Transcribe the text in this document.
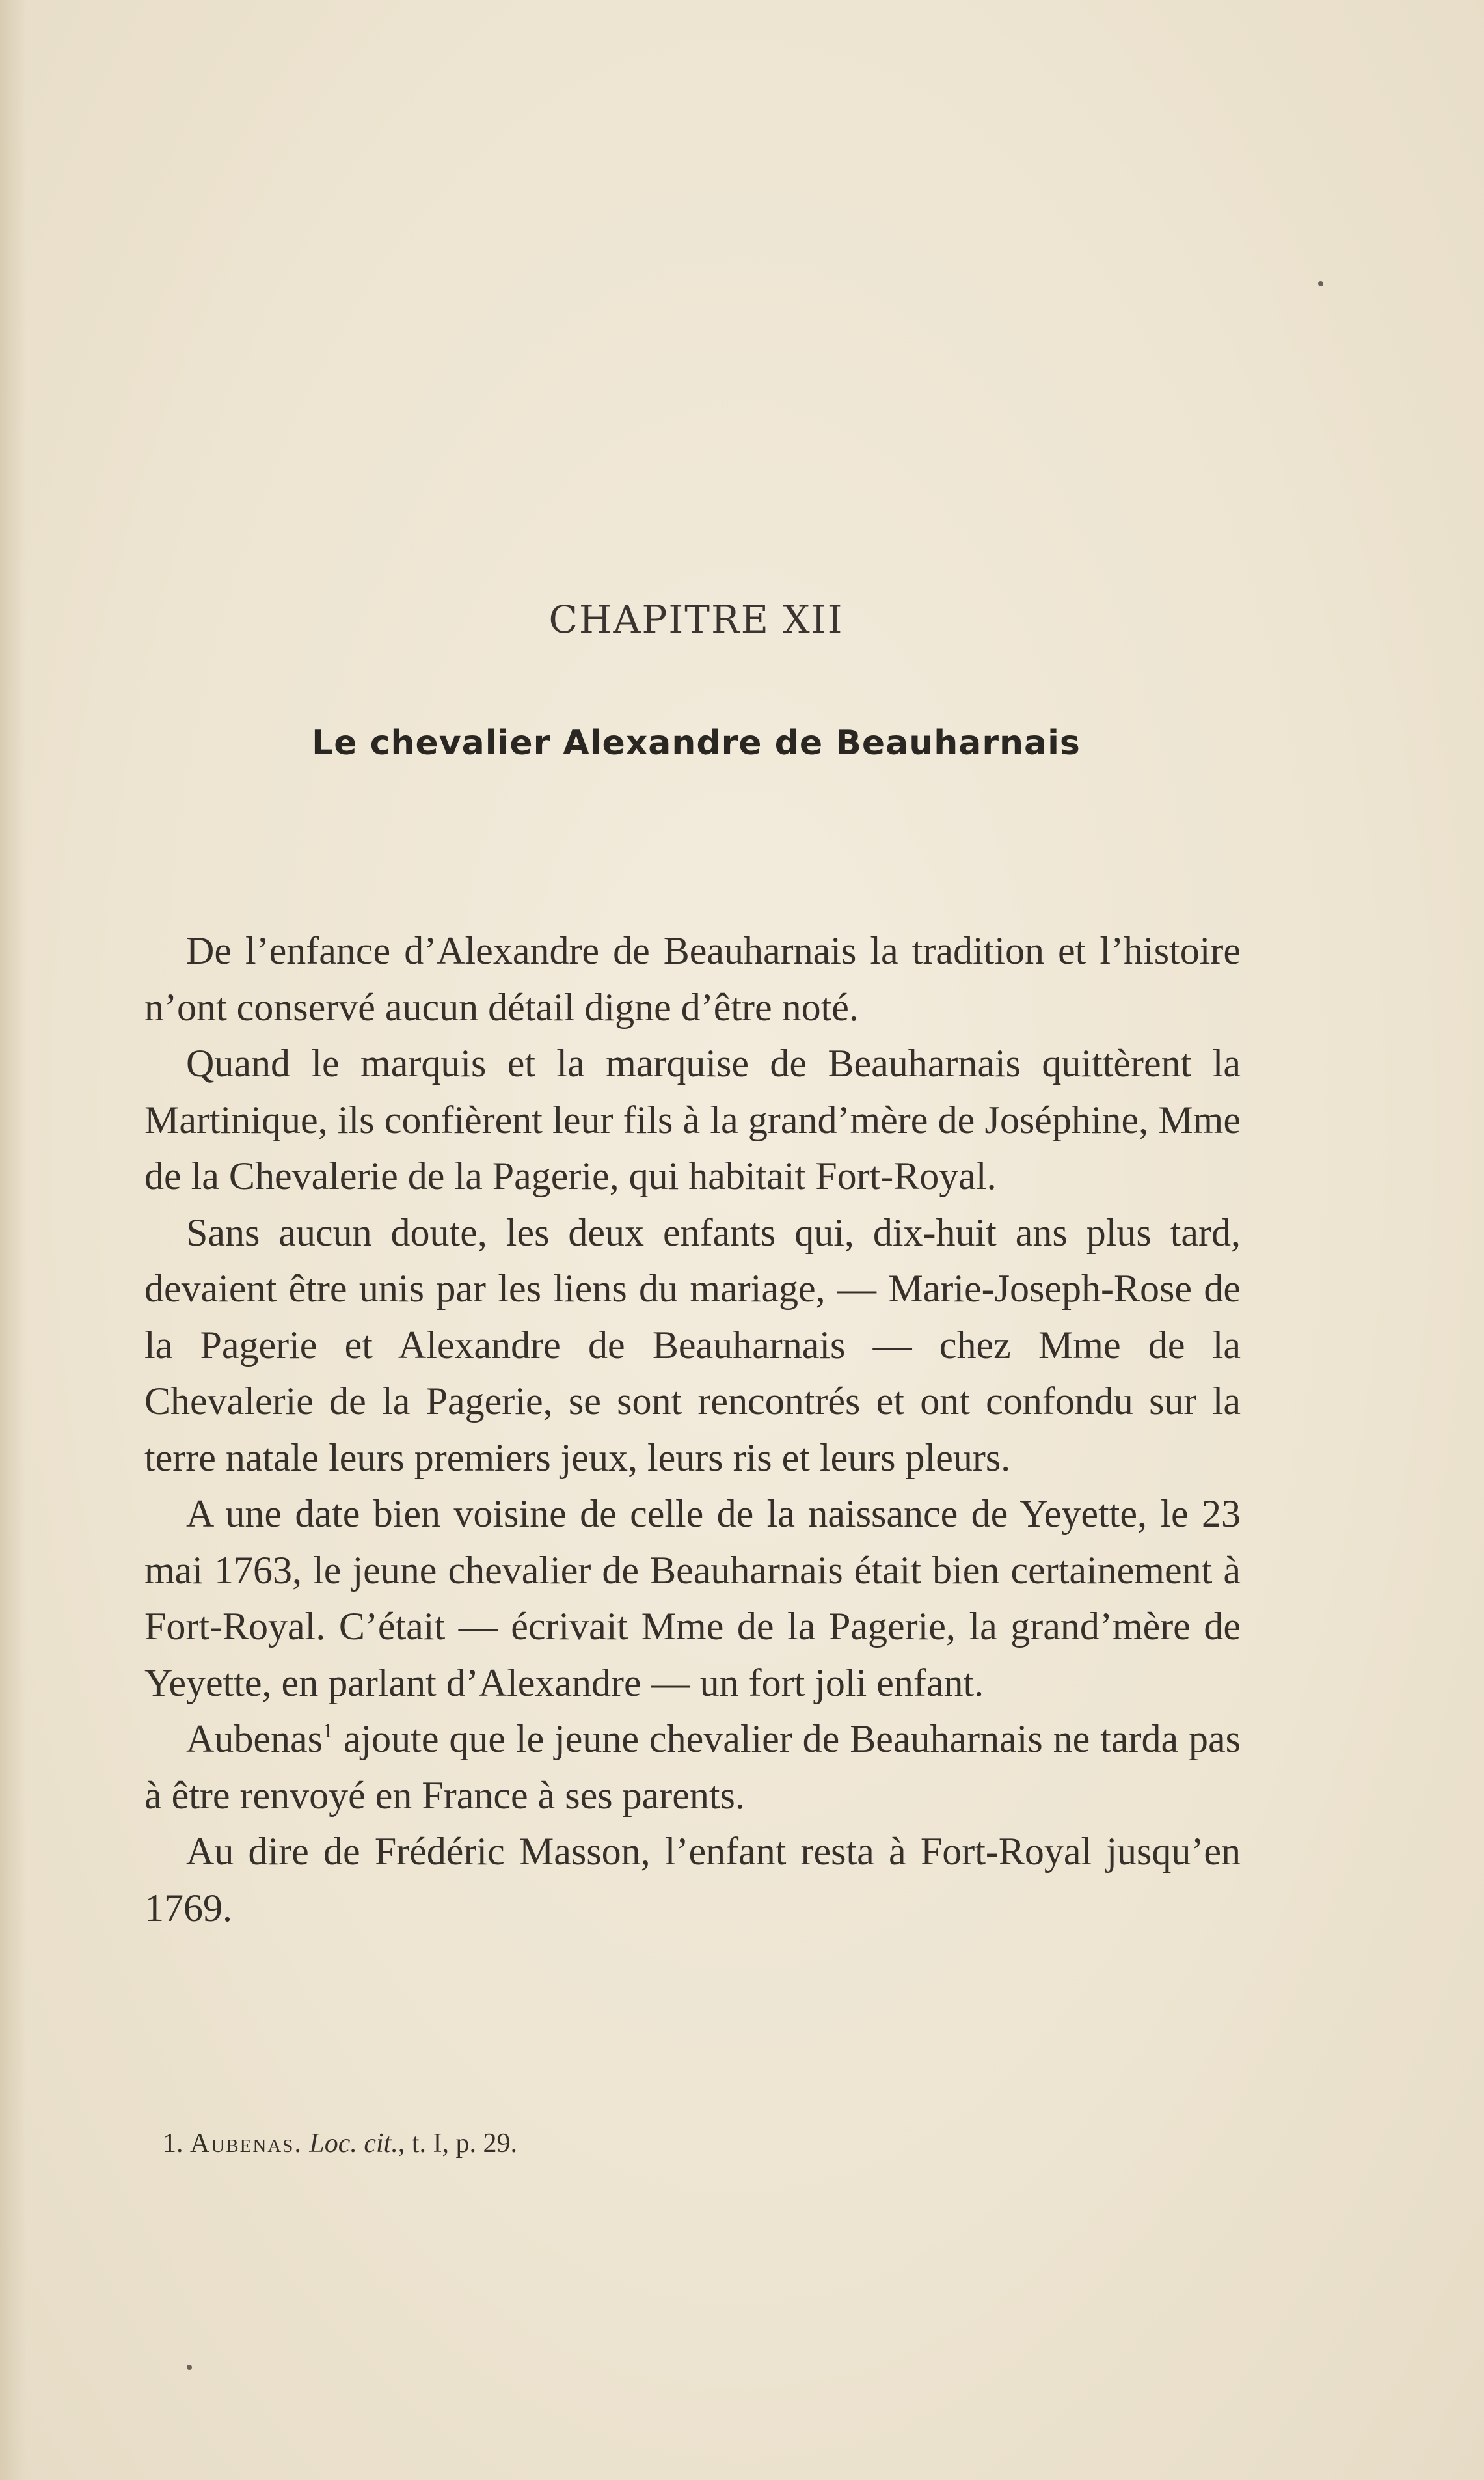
CHAPITRE XII
Le chevalier Alexandre de Beauharnais

De l’enfance d’Alexandre de Beauharnais la tradition et l’histoire n’ont conservé aucun détail digne d’être noté.

Quand le marquis et la marquise de Beauharnais quittèrent la Martinique, ils confièrent leur fils à la grand’mère de Joséphine, Mme de la Chevalerie de la Pagerie, qui habitait Fort-Royal.

Sans aucun doute, les deux enfants qui, dix-huit ans plus tard, devaient être unis par les liens du mariage, — Marie-Joseph-Rose de la Pagerie et Alexandre de Beauharnais — chez Mme de la Chevalerie de la Pagerie, se sont rencontrés et ont confondu sur la terre natale leurs premiers jeux, leurs ris et leurs pleurs.

A une date bien voisine de celle de la naissance de Yeyette, le 23 mai 1763, le jeune chevalier de Beauharnais était bien certainement à Fort-Royal. C’était — écrivait Mme de la Pagerie, la grand’mère de Yeyette, en parlant d’Alexandre — un fort joli enfant.

Aubenas$^1$ ajoute que le jeune chevalier de Beauharnais ne tarda pas à être renvoyé en France à ses parents.

Au dire de Frédéric Masson, l’enfant resta à Fort-Royal jusqu’en 1769.

1. Aubenas. Loc. cit., t. I, p. 29.
